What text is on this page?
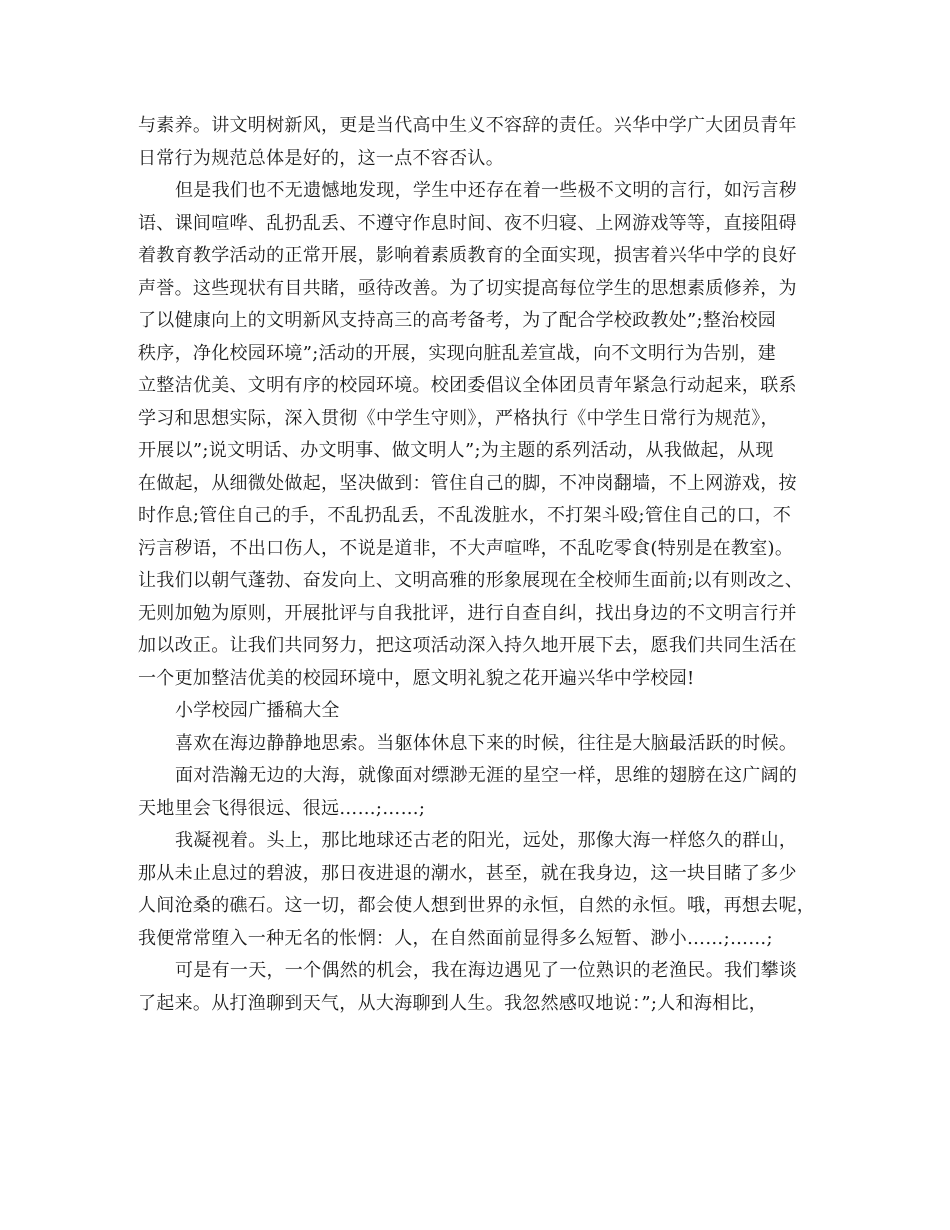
与素养。讲文明树新风，更是当代高中生义不容辞的责任。兴华中学广大团员青年
日常行为规范总体是好的，这一点不容否认。
但是我们也不无遗憾地发现，学生中还存在着一些极不文明的言行，如污言秽
语、课间喧哗、乱扔乱丢、不遵守作息时间、夜不归寝、上网游戏等等，直接阻碍
着教育教学活动的正常开展，影响着素质教育的全面实现，损害着兴华中学的良好
声誉。这些现状有目共睹，亟待改善。为了切实提高每位学生的思想素质修养，为
了以健康向上的文明新风支持高三的高考备考，为了配合学校政教处”;整治校园
秩序，净化校园环境”;活动的开展，实现向脏乱差宣战，向不文明行为告别，建
立整洁优美、文明有序的校园环境。校团委倡议全体团员青年紧急行动起来，联系
学习和思想实际，深入贯彻《中学生守则》，严格执行《中学生日常行为规范》，
开展以”;说文明话、办文明事、做文明人”;为主题的系列活动，从我做起，从现
在做起，从细微处做起，坚决做到：管住自己的脚，不冲岗翻墙，不上网游戏，按
时作息;管住自己的手，不乱扔乱丢，不乱泼脏水，不打架斗殴;管住自己的口，不
污言秽语，不出口伤人，不说是道非，不大声喧哗，不乱吃零食(特别是在教室)。
让我们以朝气蓬勃、奋发向上、文明高雅的形象展现在全校师生面前;以有则改之、
无则加勉为原则，开展批评与自我批评，进行自查自纠，找出身边的不文明言行并
加以改正。让我们共同努力，把这项活动深入持久地开展下去，愿我们共同生活在
一个更加整洁优美的校园环境中，愿文明礼貌之花开遍兴华中学校园!
小学校园广播稿大全
喜欢在海边静静地思索。当躯体休息下来的时候，往往是大脑最活跃的时候。
面对浩瀚无边的大海，就像面对缥渺无涯的星空一样，思维的翅膀在这广阔的
天地里会飞得很远、很远……;……;
我凝视着。头上，那比地球还古老的阳光，远处，那像大海一样悠久的群山，
那从未止息过的碧波，那日夜进退的潮水，甚至，就在我身边，这一块目睹了多少
人间沧桑的礁石。这一切，都会使人想到世界的永恒，自然的永恒。哦，再想去呢，
我便常常堕入一种无名的怅惘：人，在自然面前显得多么短暂、渺小……;……;
可是有一天，一个偶然的机会，我在海边遇见了一位熟识的老渔民。我们攀谈
了起来。从打渔聊到天气，从大海聊到人生。我忽然感叹地说：”;人和海相比，
